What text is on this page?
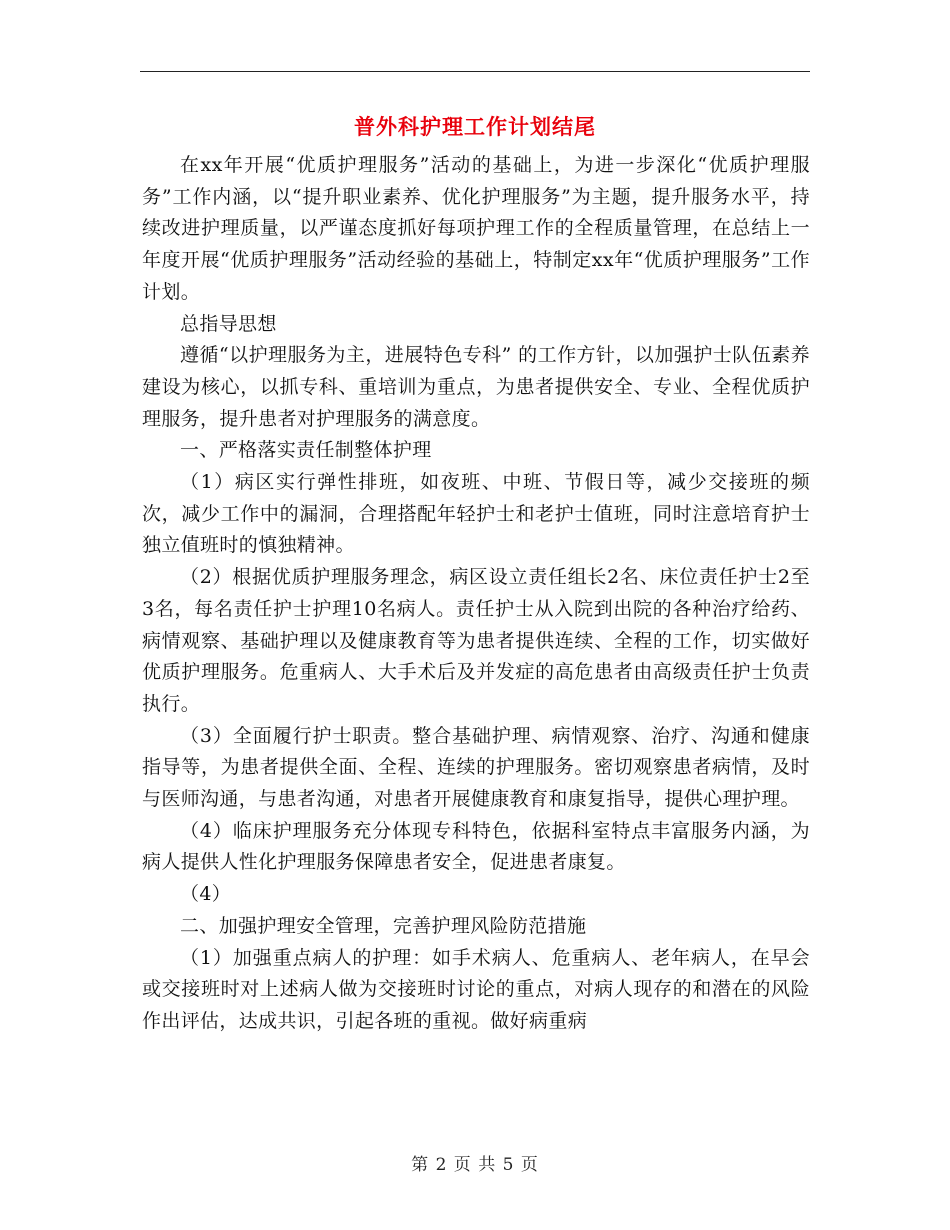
普外科护理工作计划结尾

在xx年开展“优质护理服务”活动的基础上，为进一步深化“优质护理服务”工作内涵，以“提升职业素养、优化护理服务”为主题，提升服务水平，持续改进护理质量，以严谨态度抓好每项护理工作的全程质量管理，在总结上一年度开展“优质护理服务”活动经验的基础上，特制定xx年“优质护理服务”工作计划。

总指导思想

遵循“以护理服务为主，进展特色专科” 的工作方针，以加强护士队伍素养建设为核心，以抓专科、重培训为重点，为患者提供安全、专业、全程优质护理服务，提升患者对护理服务的满意度。

一、严格落实责任制整体护理

（1）病区实行弹性排班，如夜班、中班、节假日等，减少交接班的频次，减少工作中的漏洞，合理搭配年轻护士和老护士值班，同时注意培育护士独立值班时的慎独精神。

（2）根据优质护理服务理念，病区设立责任组长2名、床位责任护士2至3名，每名责任护士护理10名病人。责任护士从入院到出院的各种治疗给药、病情观察、基础护理以及健康教育等为患者提供连续、全程的工作，切实做好优质护理服务。危重病人、大手术后及并发症的高危患者由高级责任护士负责执行。

（3）全面履行护士职责。整合基础护理、病情观察、治疗、沟通和健康指导等，为患者提供全面、全程、连续的护理服务。密切观察患者病情，及时与医师沟通，与患者沟通，对患者开展健康教育和康复指导，提供心理护理。

（4）临床护理服务充分体现专科特色，依据科室特点丰富服务内涵，为病人提供人性化护理服务保障患者安全，促进患者康复。

（4）

二、加强护理安全管理，完善护理风险防范措施

（1）加强重点病人的护理：如手术病人、危重病人、老年病人，在早会或交接班时对上述病人做为交接班时讨论的重点，对病人现存的和潜在的风险作出评估，达成共识，引起各班的重视。做好病重病

第 2 页 共 5 页
